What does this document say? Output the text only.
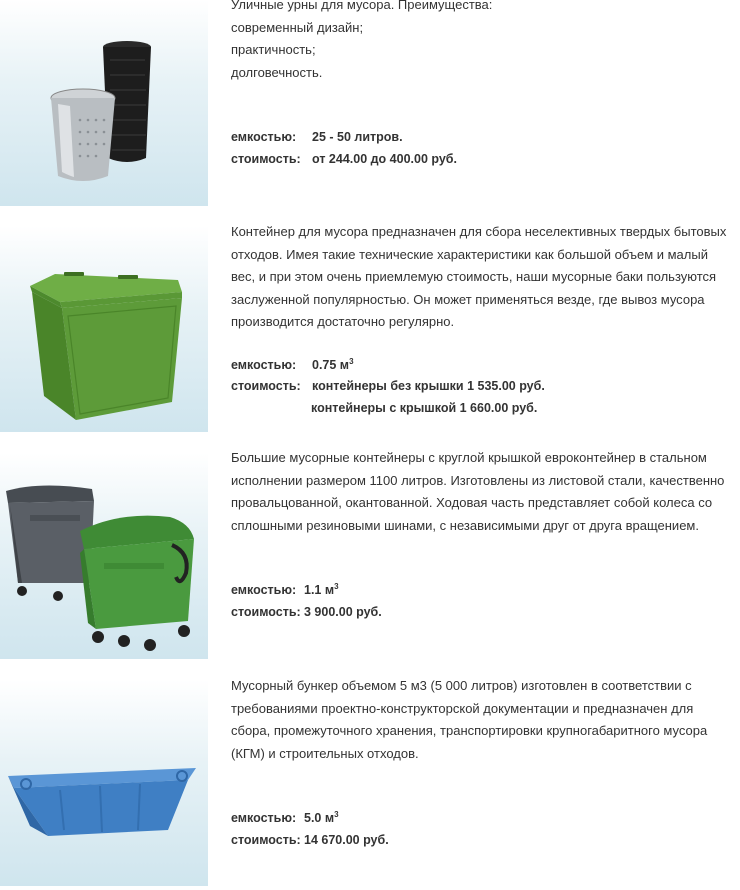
Уличные урны для мусора. Преимущества:

современный дизайн;

практичность;

долговечность.

емкостью: 25 - 50 литров.
стоимость: от 244.00 до 400.00 руб.

Контейнер для мусора предназначен для сбора неселективных твердых бытовых

отходов. Имея такие технические характеристики как большой объем и малый

вес, и при этом очень приемлемую стоимость, наши мусорные баки пользуются

заслуженной популярностью. Он может применяться везде, где вывоз мусора

производится достаточно регулярно.

емкостью: 0.75 $м^3$
стоимость: контейнеры без крышки 1 535.00 руб.
контейнеры с крышкой 1 660.00 руб.

Большие мусорные контейнеры с круглой крышкой евроконтейнер в стальном

исполнении размером 1100 литров. Изготовлены из листовой стали, качественно

провальцованной, окантованной. Ходовая часть представляет собой колеса со

сплошными резиновыми шинами, с независимыми друг от друга вращением.

емкостью: 1.1 $м^3$
стоимость: 3 900.00 руб.

Мусорный бункер объемом 5 м3 (5 000 литров) изготовлен в соответствии с

требованиями проектно-конструкторской документации и предназначен для

сбора, промежуточного хранения, транспортировки крупногабаритного мусора

(КГМ) и строительных отходов.

емкостью: 5.0 $м^3$
стоимость: 14 670.00 руб.
